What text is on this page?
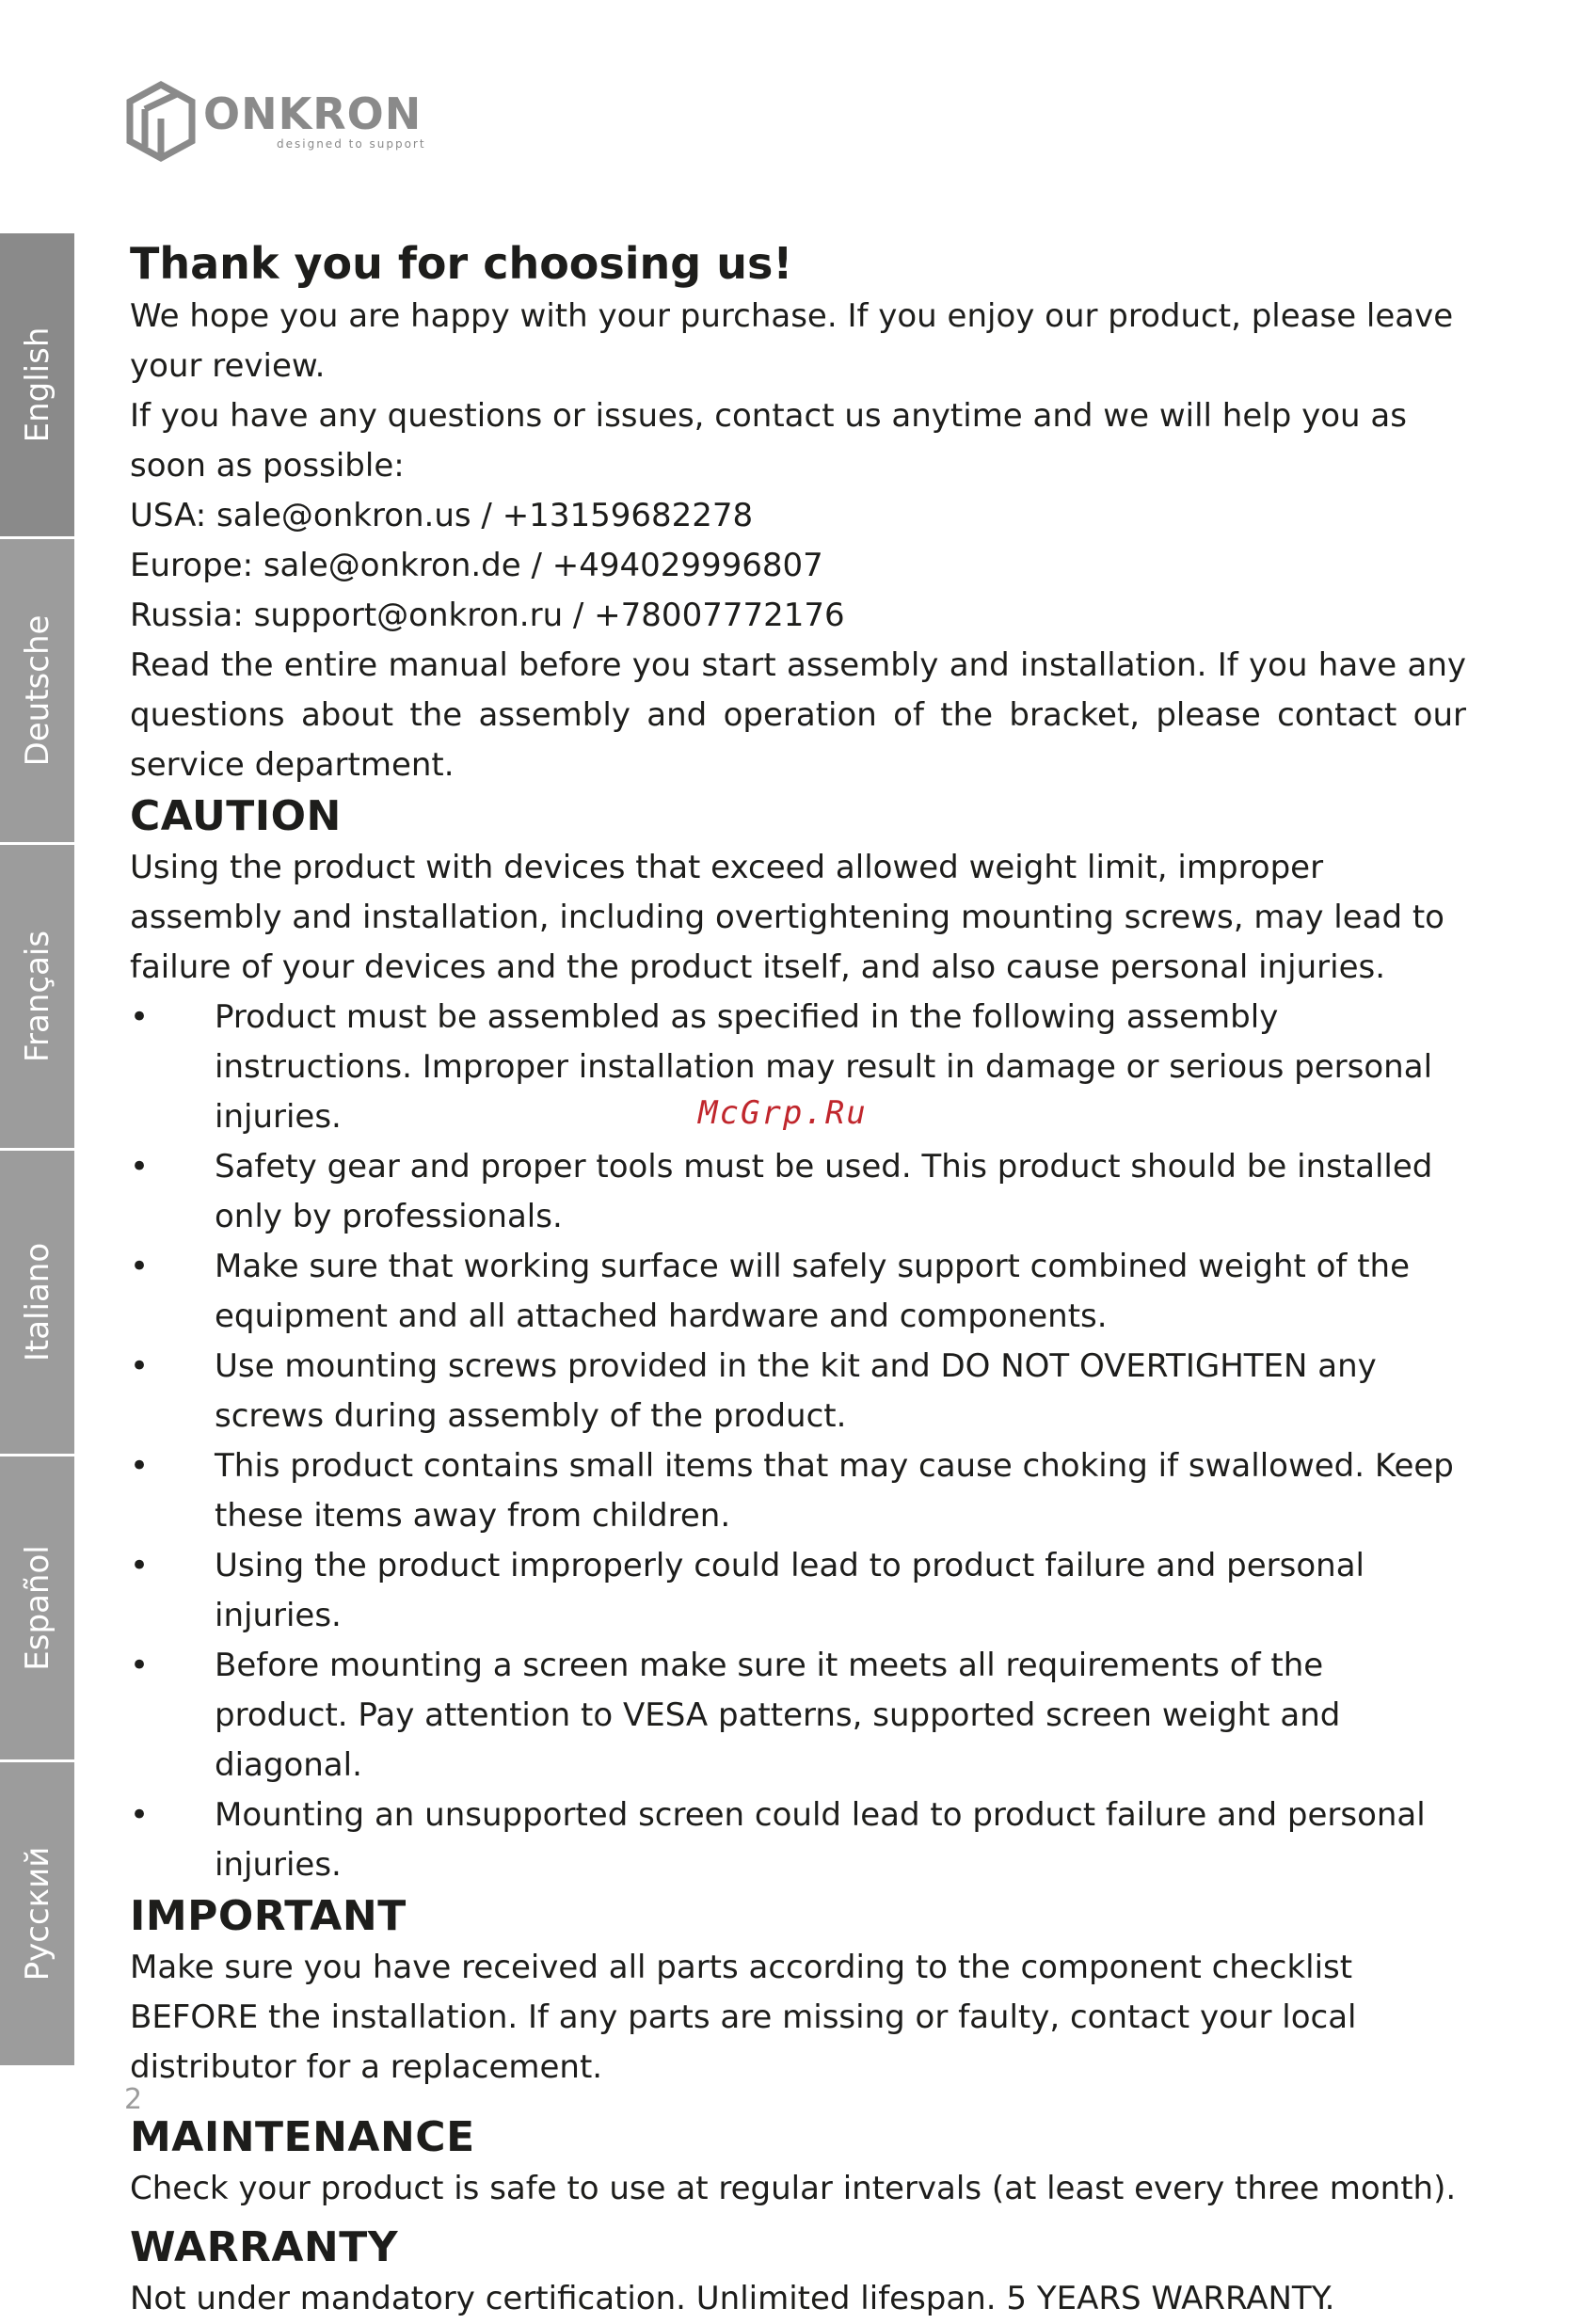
ONKRON
designed to support
English
Deutsche
Français
Italiano
Español
Русский
Thank you for choosing us!

We hope you are happy with your purchase. If you enjoy our product, please leave your review.

If you have any questions or issues, contact us anytime and we will help you as soon as possible:

USA: sale@onkron.us / +13159682278

Europe: sale@onkron.de / +494029996807

Russia: support@onkron.ru / +78007772176

Read the entire manual before you start assembly and installation. If you have any questions about the assembly and operation of the bracket, please contact our service department.

CAUTION

Using the product with devices that exceed allowed weight limit, improper assembly and installation, including overtightening mounting screws, may lead to failure of your devices and the product itself, and also cause personal injuries.

• Product must be assembled as specified in the following assembly instructions. Improper installation may result in damage or serious personal injuries.
• Safety gear and proper tools must be used. This product should be installed only by professionals.
• Make sure that working surface will safely support combined weight of the equipment and all attached hardware and components.
• Use mounting screws provided in the kit and DO NOT OVERTIGHTEN any screws during assembly of the product.
• This product contains small items that may cause choking if swallowed. Keep these items away from children.
• Using the product improperly could lead to product failure and personal injuries.
• Before mounting a screen make sure it meets all requirements of the product. Pay attention to VESA patterns, supported screen weight and diagonal.
• Mounting an unsupported screen could lead to product failure and personal injuries.
IMPORTANT

Make sure you have received all parts according to the component checklist BEFORE the installation. If any parts are missing or faulty, contact your local distributor for a replacement.

MAINTENANCE

Check your product is safe to use at regular intervals (at least every three month).

WARRANTY

Not under mandatory certification. Unlimited lifespan. 5 YEARS WARRANTY.

McGrp.Ru
2
